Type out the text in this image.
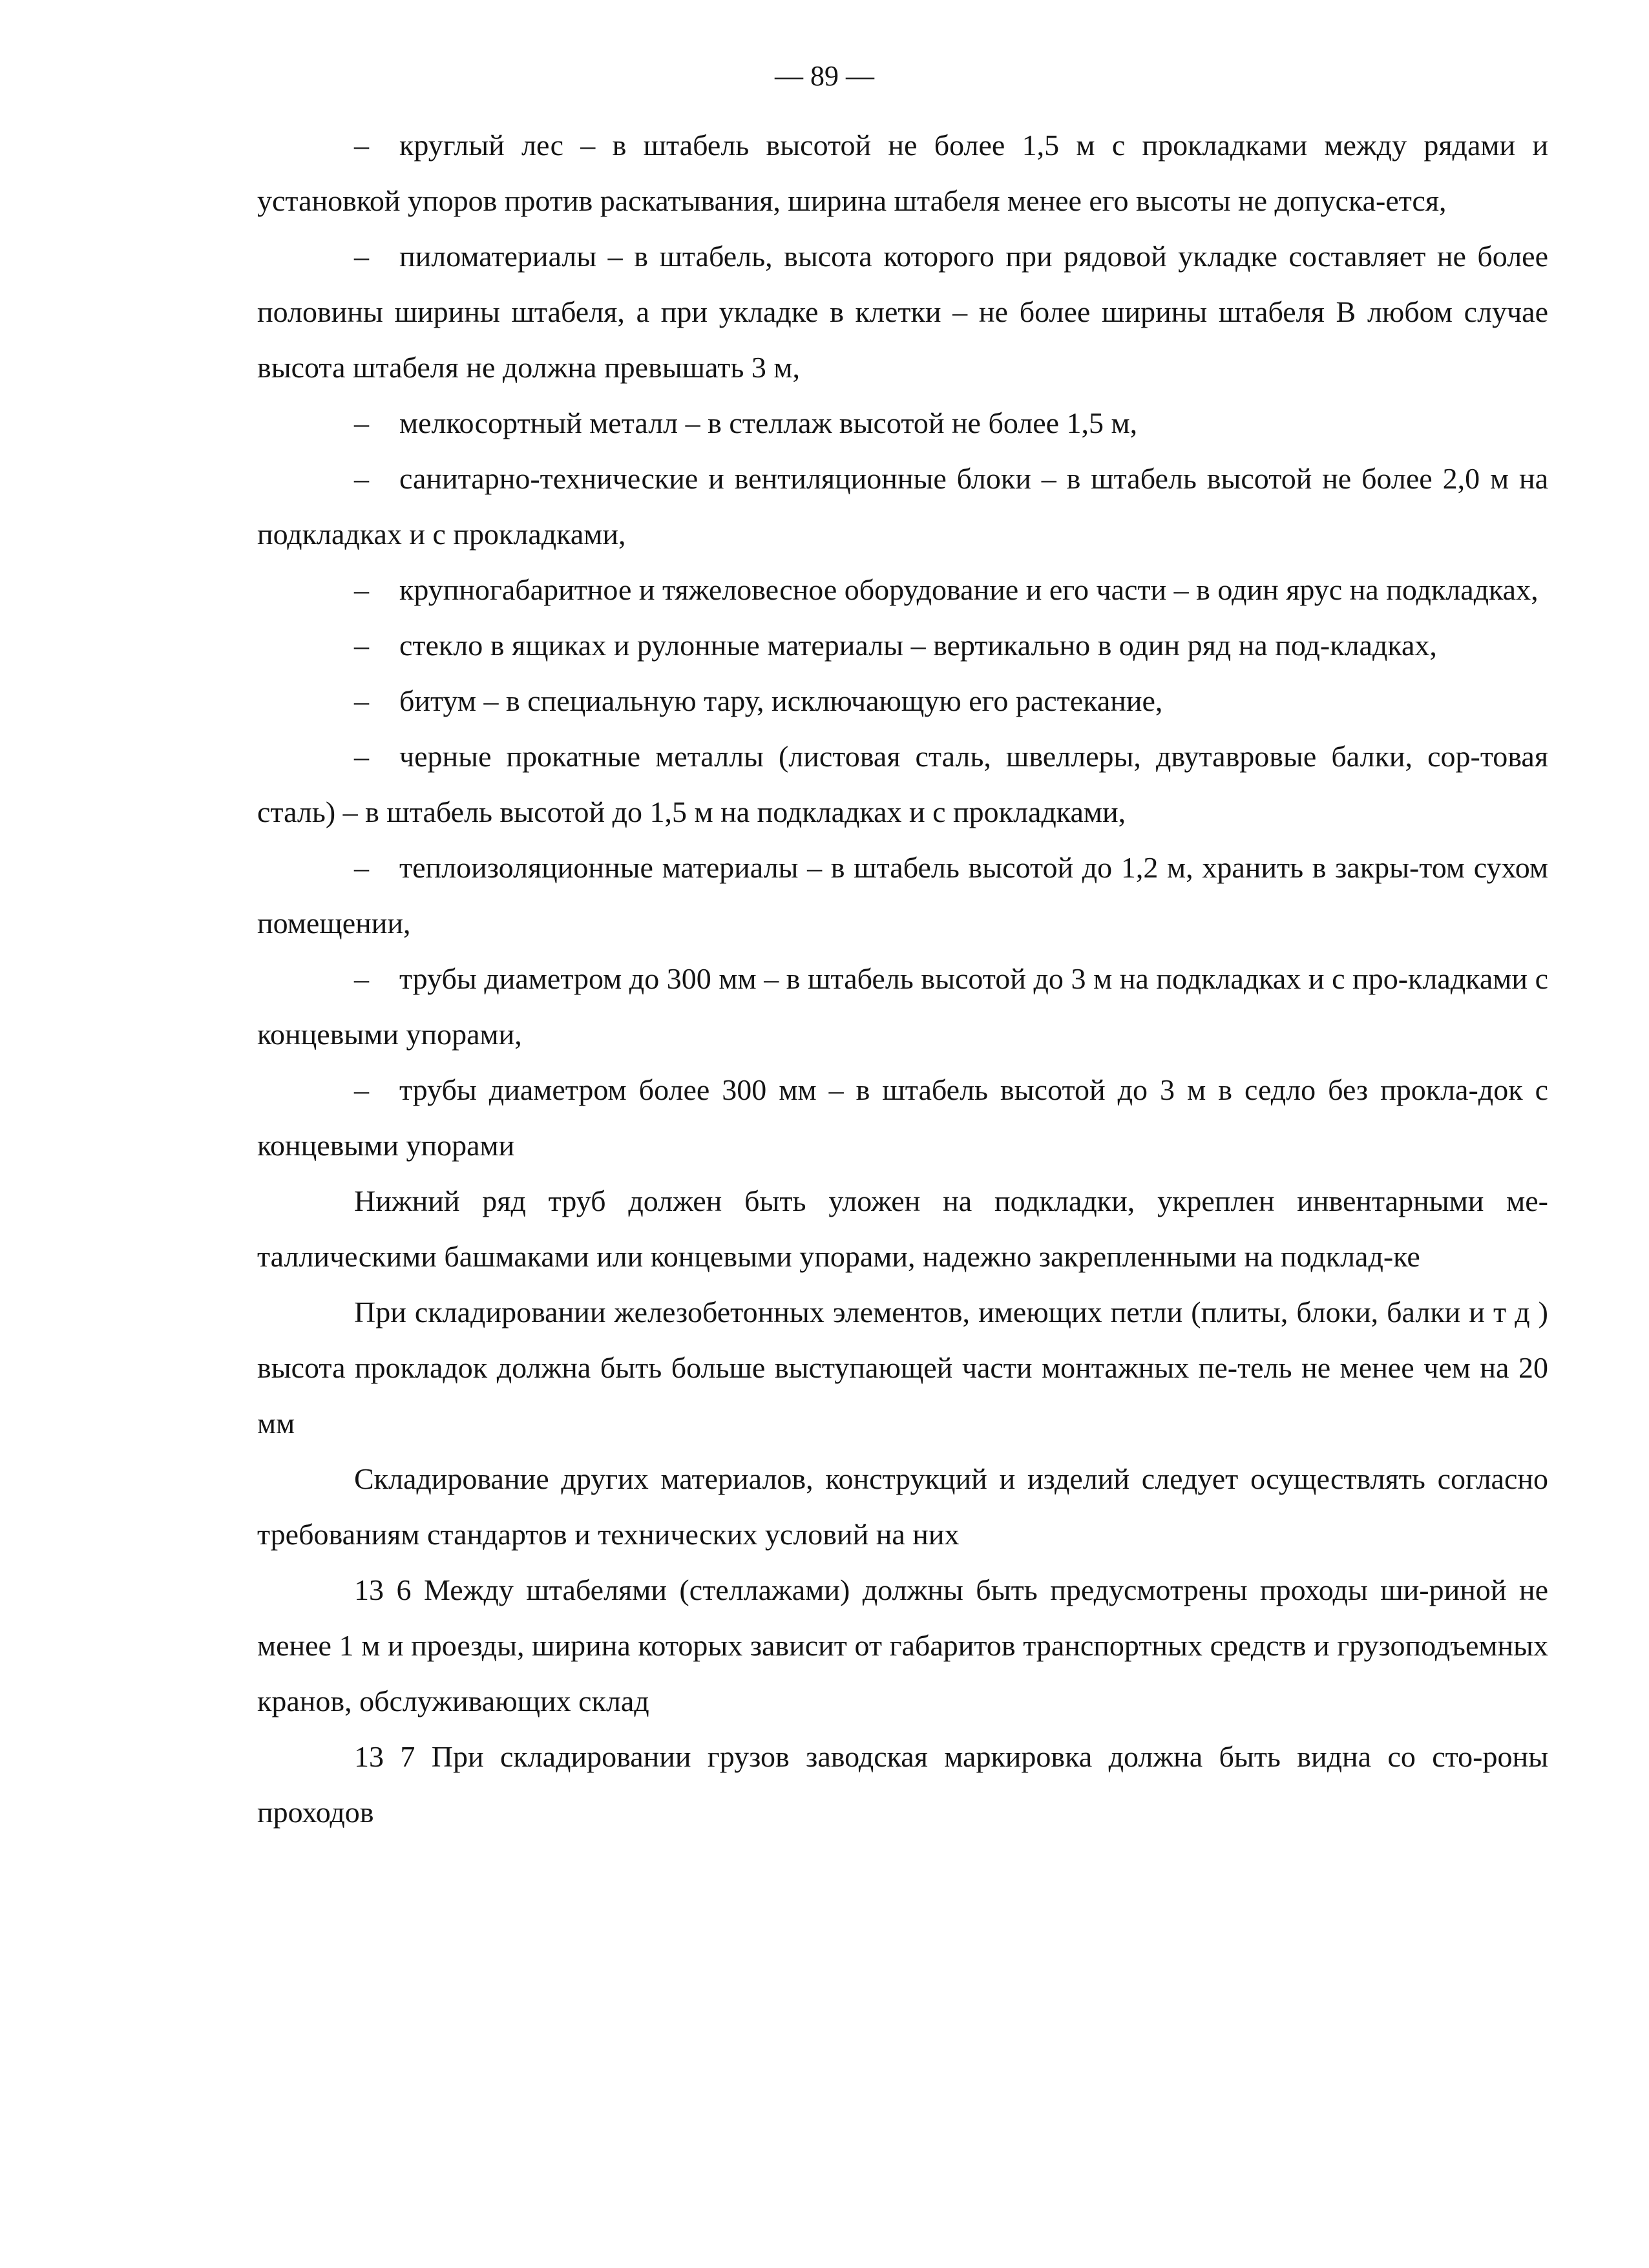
— 89 —

– круглый лес – в штабель высотой не более 1,5 м с прокладками между рядами и установкой упоров против раскатывания, ширина штабеля менее его высоты не допуска-ется,

– пиломатериалы – в штабель, высота которого при рядовой укладке составляет не более половины ширины штабеля, а при укладке в клетки – не более ширины штабеля В любом случае высота штабеля не должна превышать 3 м,

– мелкосортный металл – в стеллаж высотой не более 1,5 м,

– санитарно-технические и вентиляционные блоки – в штабель высотой не более 2,0 м на подкладках и с прокладками,

– крупногабаритное и тяжеловесное оборудование и его части – в один ярус на подкладках,

– стекло в ящиках и рулонные материалы – вертикально в один ряд на под-кладках,

– битум – в специальную тару, исключающую его растекание,

– черные прокатные металлы (листовая сталь, швеллеры, двутавровые балки, сор-товая сталь) – в штабель высотой до 1,5 м на подкладках и с прокладками,

– теплоизоляционные материалы – в штабель высотой до 1,2 м, хранить в закры-том сухом помещении,

– трубы диаметром до 300 мм – в штабель высотой до 3 м на подкладках и с про-кладками с концевыми упорами,

– трубы диаметром более 300 мм – в штабель высотой до 3 м в седло без прокла-док с концевыми упорами

Нижний ряд труб должен быть уложен на подкладки, укреплен инвентарными ме-таллическими башмаками или концевыми упорами, надежно закрепленными на подклад-ке

При складировании железобетонных элементов, имеющих петли (плиты, блоки, балки и т д ) высота прокладок должна быть больше выступающей части монтажных пе-тель не менее чем на 20 мм

Складирование других материалов, конструкций и изделий следует осуществлять согласно требованиям стандартов и технических условий на них

13 6 Между штабелями (стеллажами) должны быть предусмотрены проходы ши-риной не менее 1 м и проезды, ширина которых зависит от габаритов транспортных средств и грузоподъемных кранов, обслуживающих склад

13 7 При складировании грузов заводская маркировка должна быть видна со сто-роны проходов
